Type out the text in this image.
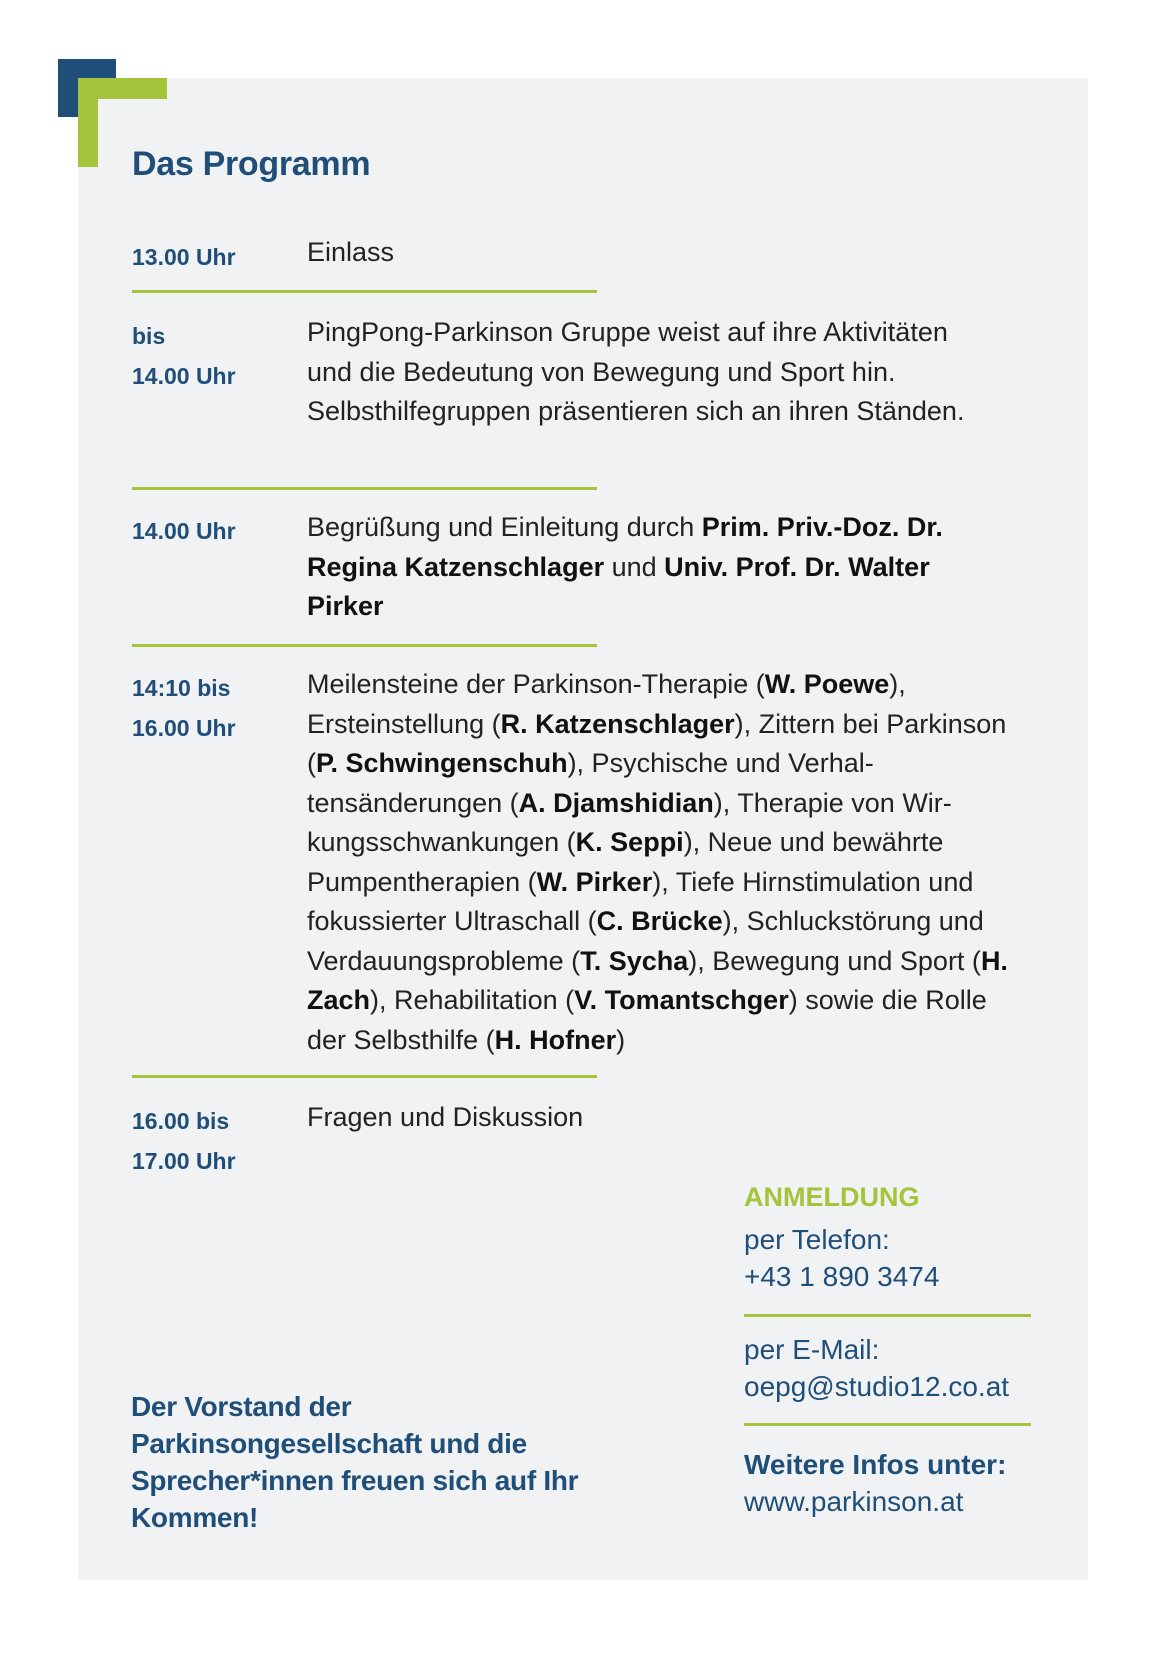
Das Programm
13.00 Uhr	Einlass
bis
14.00 Uhr
PingPong-Parkinson Gruppe weist auf ihre Aktivitäten und die Bedeutung von Bewegung und Sport hin. Selbsthilfegruppen präsentieren sich an ihren Ständen.
14.00 Uhr	Begrüßung und Einleitung durch Prim. Priv.-Doz. Dr. Regina Katzenschlager und Univ. Prof. Dr. Walter Pirker
14:10 bis
16.00 Uhr
Meilensteine der Parkinson-Therapie (W. Poewe), Ersteinstellung (R. Katzenschlager), Zittern bei Parkinson (P. Schwingenschuh), Psychische und Verhaltensänderungen (A. Djamshidian), Therapie von Wirkungsschwankungen (K. Seppi), Neue und bewährte Pumpentherapien (W. Pirker), Tiefe Hirnstimulation und fokussierter Ultraschall (C. Brücke), Schluckstörung und Verdauungsprobleme (T. Sycha), Bewegung und Sport (H. Zach), Rehabilitation (V. Tomantschger) sowie die Rolle der Selbsthilfe (H. Hofner)
16.00 bis
17.00 Uhr
Fragen und Diskussion
Der Vorstand der Parkinsongesellschaft und die Sprecher*innen freuen sich auf Ihr Kommen!
ANMELDUNG
per Telefon:
+43 1 890 3474
per E-Mail:
oepg@studio12.co.at
Weitere Infos unter:
www.parkinson.at
